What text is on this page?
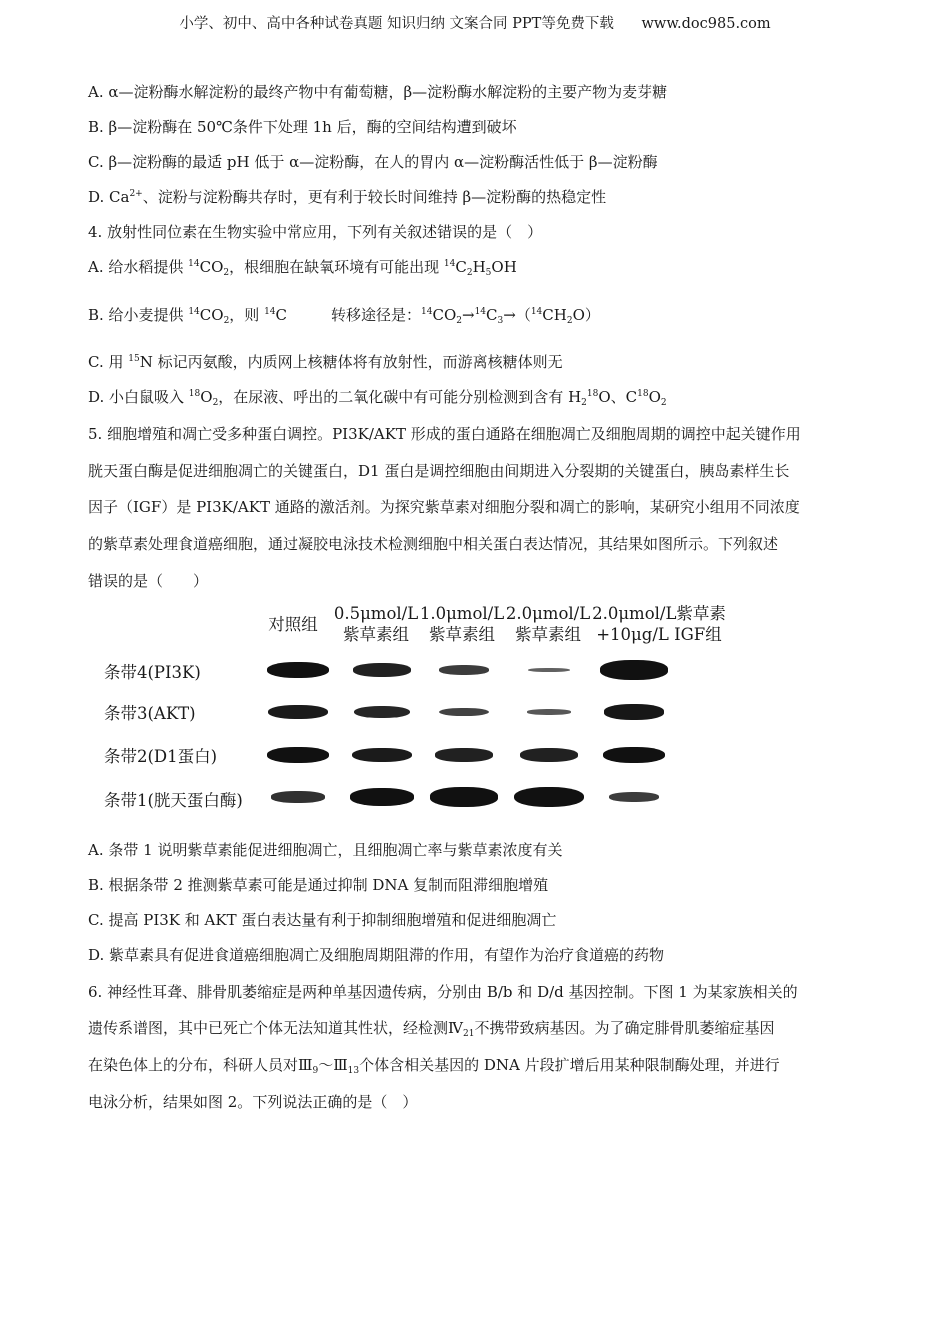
小学、初中、高中各种试卷真题 知识归纳 文案合同 PPT等免费下载      www.doc985.com
A. α—淀粉酶水解淀粉的最终产物中有葡萄糖，β—淀粉酶水解淀粉的主要产物为麦芽糖
B. β—淀粉酶在 50℃条件下处理 1h 后，酶的空间结构遭到破坏
C. β—淀粉酶的最适 pH 低于 α—淀粉酶，在人的胃内 α—淀粉酶活性低于 β—淀粉酶
D. $Ca^{2+}$、淀粉与淀粉酶共存时，更有利于较长时间维持 β—淀粉酶的热稳定性
4. 放射性同位素在生物实验中常应用，下列有关叙述错误的是（　）
A. 给水稻提供 $^{14}CO_2$，根细胞在缺氧环境有可能出现 $^{14}C_2H_5OH$
B. 给小麦提供 $^{14}CO_2$，则 $^{14}$C	转移途径是：$^{14}CO_2\to^{14}C_3\to(^{14}CH_2O)$
C. 用 $^{15}$N 标记丙氨酸，内质网上核糖体将有放射性，而游离核糖体则无
D. 小白鼠吸入 $^{18}O_2$，在尿液、呼出的二氧化碳中有可能分别检测到含有 $H_2^{18}O$、$C^{18}O_2$
5. 细胞增殖和凋亡受多种蛋白调控。PI3K/AKT 形成的蛋白通路在细胞凋亡及细胞周期的调控中起关键作用
胱天蛋白酶是促进细胞凋亡的关键蛋白，D1 蛋白是调控细胞由间期进入分裂期的关键蛋白，胰岛素样生长
因子（IGF）是 PI3K/AKT 通路的激活剂。为探究紫草素对细胞分裂和凋亡的影响，某研究小组用不同浓度
的紫草素处理食道癌细胞，通过凝胶电泳技术检测细胞中相关蛋白表达情况，其结果如图所示。下列叙述
错误的是（　　）
对照组
0.5μmol/L
紫草素组
1.0μmol/L
紫草素组
2.0μmol/L
紫草素组
2.0μmol/L紫草素
+10μg/L IGF组
条带4(PI3K)
条带3(AKT)
条带2(D1蛋白)
条带1(胱天蛋白酶)
A. 条带 1 说明紫草素能促进细胞凋亡，且细胞凋亡率与紫草素浓度有关
B. 根据条带 2 推测紫草素可能是通过抑制 DNA 复制而阻滞细胞增殖
C. 提高 PI3K 和 AKT 蛋白表达量有利于抑制细胞增殖和促进细胞凋亡
D. 紫草素具有促进食道癌细胞凋亡及细胞周期阻滞的作用，有望作为治疗食道癌的药物
6. 神经性耳聋、腓骨肌萎缩症是两种单基因遗传病，分别由 B/b 和 D/d 基因控制。下图 1 为某家族相关的
遗传系谱图，其中已死亡个体无法知道其性状，经检测$Ⅳ_{21}$不携带致病基因。为了确定腓骨肌萎缩症基因
在染色体上的分布，科研人员对$Ⅲ_9\sim Ⅲ_{13}$个体含相关基因的 DNA 片段扩增后用某种限制酶处理，并进行
电泳分析，结果如图 2。下列说法正确的是（　）
